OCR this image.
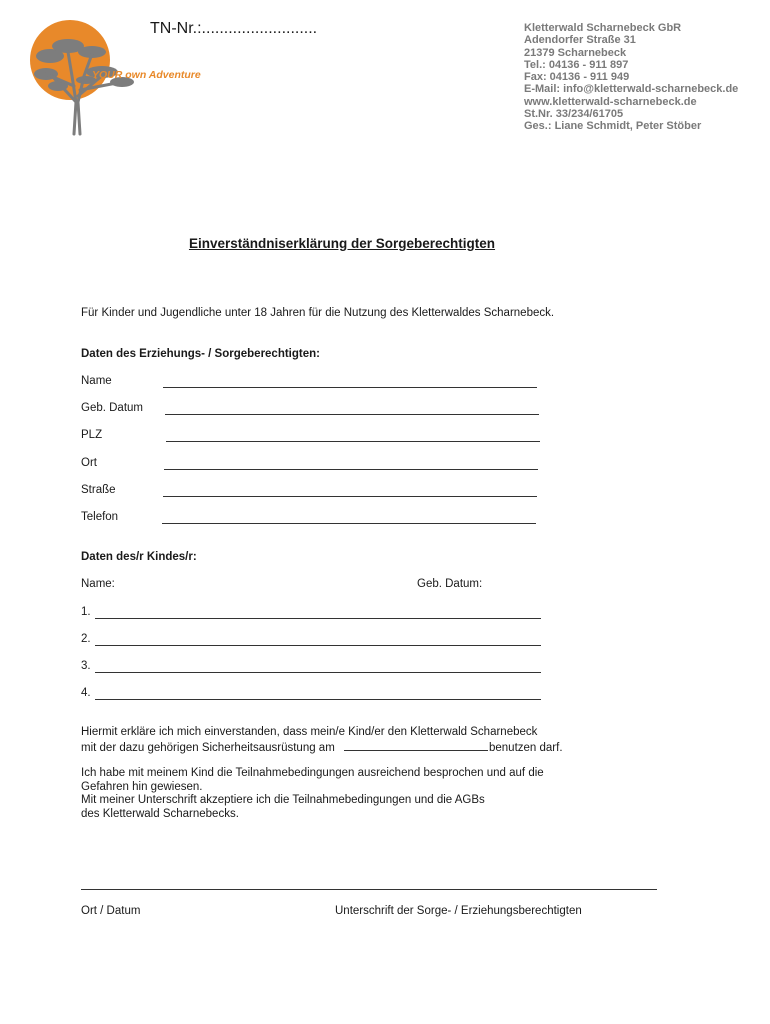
YOUR own Adventure
TN-Nr.:..........................	Kletterwald Scharnebeck GbR
Adendorfer Straße 31
21379 Scharnebeck
Tel.: 04136 - 911 897
Fax: 04136 - 911 949
E-Mail: info@kletterwald-scharnebeck.de
www.kletterwald-scharnebeck.de
St.Nr. 33/234/61705
Ges.: Liane Schmidt, Peter Stöber
Einverständniserklärung der Sorgeberechtigten
Für Kinder und Jugendliche unter 18 Jahren für die Nutzung des Kletterwaldes Scharnebeck.
Daten des Erziehungs- / Sorgeberechtigten:
Name
Geb. Datum
PLZ
Ort
Straße
Telefon
Daten des/r Kindes/r:
Name:	Geb. Datum:
1.
2.
3.
4.
Hiermit erkläre ich mich einverstanden, dass mein/e Kind/er den Kletterwald Scharnebeck
mit der dazu gehörigen Sicherheitsausrüstung am	benutzen darf.
Ich habe mit meinem Kind die Teilnahmebedingungen ausreichend besprochen und auf die
Gefahren hin gewiesen.
Mit meiner Unterschrift akzeptiere ich die Teilnahmebedingungen und die AGBs
des Kletterwald Scharnebecks.
Ort / Datum	Unterschrift der Sorge- / Erziehungsberechtigten
